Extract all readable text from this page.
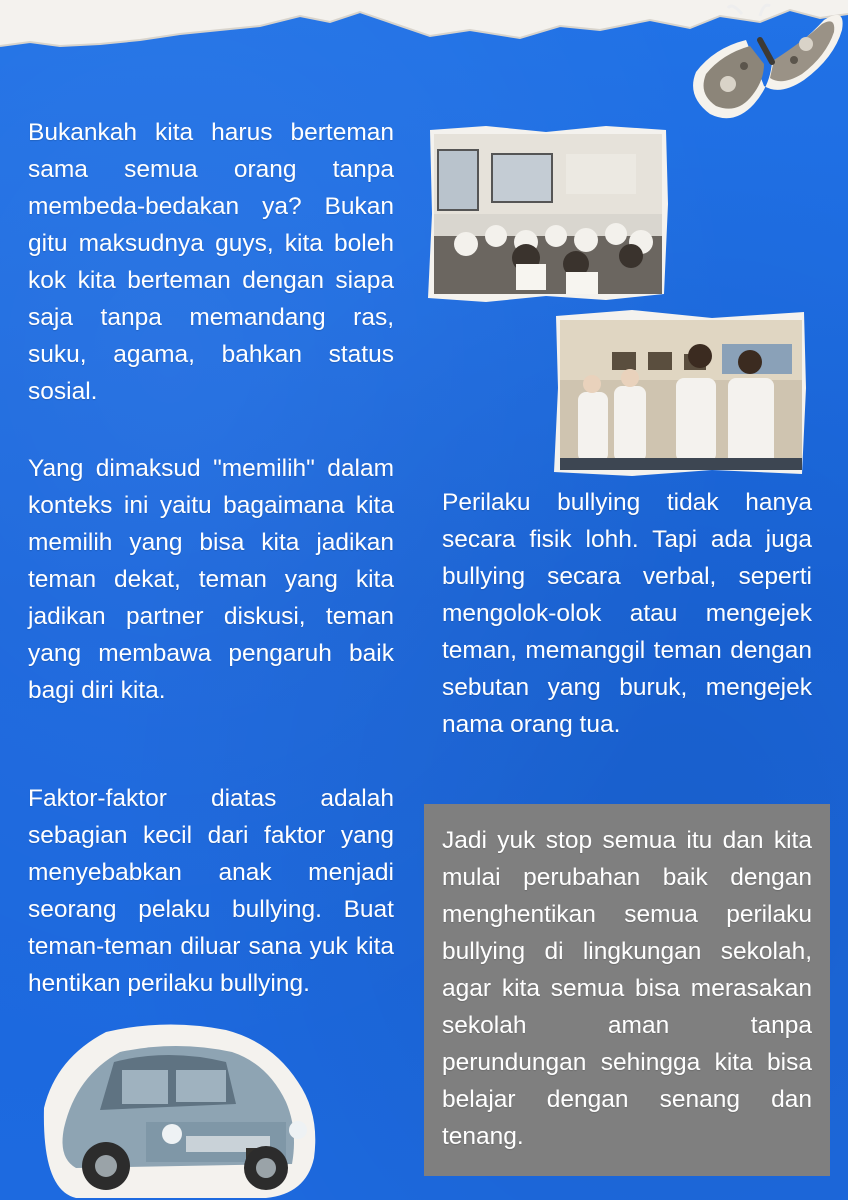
Bukankah kita harus berteman sama semua orang tanpa membeda-bedakan ya? Bukan gitu maksudnya guys, kita boleh kok kita berteman dengan siapa saja tanpa memandang ras, suku, agama, bahkan status sosial.

Yang dimaksud "memilih" dalam konteks ini yaitu bagaimana kita memilih yang bisa kita jadikan teman dekat, teman yang kita jadikan partner diskusi, teman yang membawa pengaruh baik bagi diri kita.

Faktor-faktor diatas adalah sebagian kecil dari faktor yang menyebabkan anak menjadi seorang pelaku bullying. Buat teman-teman diluar sana yuk kita hentikan perilaku bullying.

Perilaku bullying tidak hanya secara fisik lohh. Tapi ada juga bullying secara verbal, seperti mengolok-olok atau mengejek teman, memanggil teman dengan sebutan yang buruk, mengejek nama orang tua.

Jadi yuk stop semua itu dan kita mulai perubahan baik dengan menghentikan semua perilaku bullying di lingkungan sekolah, agar kita semua bisa merasakan sekolah aman tanpa perundungan sehingga kita bisa belajar dengan senang dan tenang.
